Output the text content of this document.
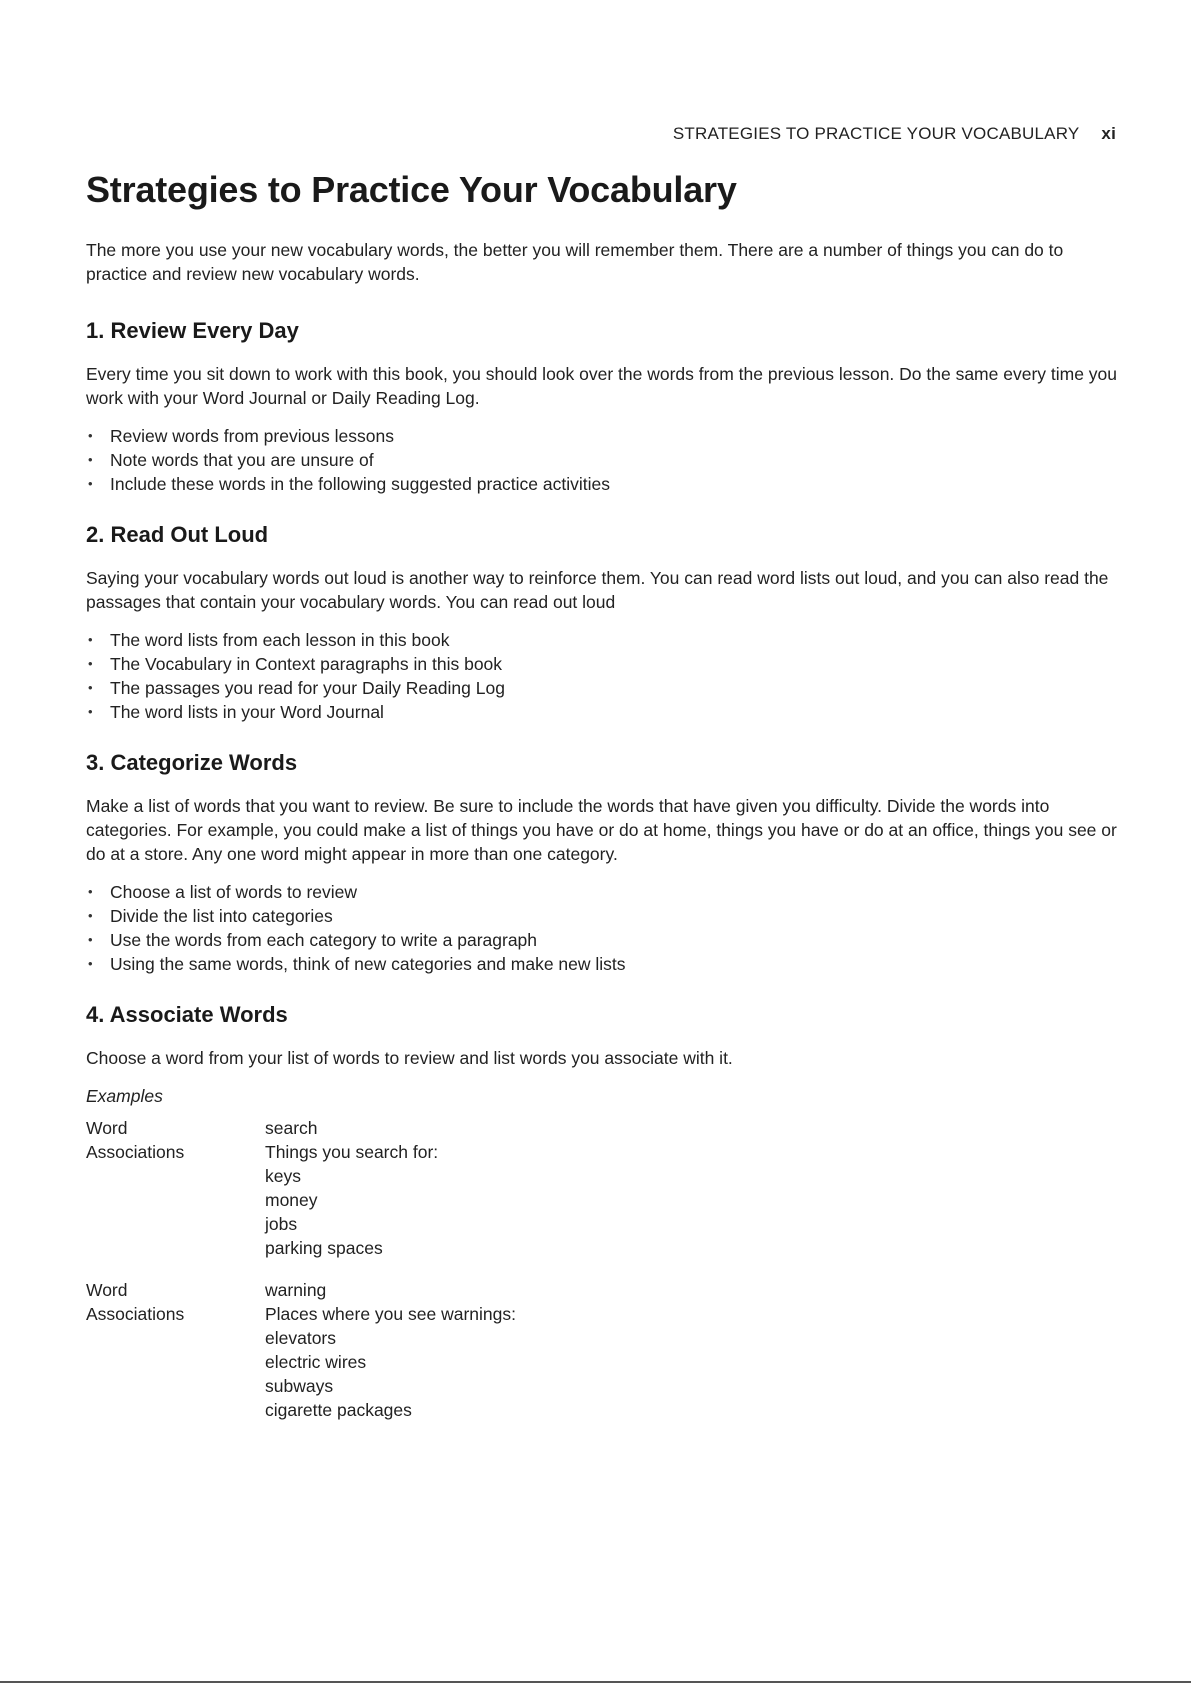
STRATEGIES TO PRACTICE YOUR VOCABULARY xi
Strategies to Practice Your Vocabulary

The more you use your new vocabulary words, the better you will remember them. There are a number of things you can do to practice and review new vocabulary words.

1. Review Every Day

Every time you sit down to work with this book, you should look over the words from the previous lesson. Do the same every time you work with your Word Journal or Daily Reading Log.

• Review words from previous lessons
• Note words that you are unsure of
• Include these words in the following suggested practice activities
2. Read Out Loud

Saying your vocabulary words out loud is another way to reinforce them. You can read word lists out loud, and you can also read the passages that contain your vocabulary words. You can read out loud

• The word lists from each lesson in this book
• The Vocabulary in Context paragraphs in this book
• The passages you read for your Daily Reading Log
• The word lists in your Word Journal
3. Categorize Words

Make a list of words that you want to review. Be sure to include the words that have given you difficulty. Divide the words into categories. For example, you could make a list of things you have or do at home, things you have or do at an office, things you see or do at a store. Any one word might appear in more than one category.

• Choose a list of words to review
• Divide the list into categories
• Use the words from each category to write a paragraph
• Using the same words, think of new categories and make new lists
4. Associate Words

Choose a word from your list of words to review and list words you associate with it.

Examples

Word	search
Associations	Things you search for:
keys
money
jobs
parking spaces
Word	warning
Associations	Places where you see warnings:
elevators
electric wires
subways
cigarette packages
